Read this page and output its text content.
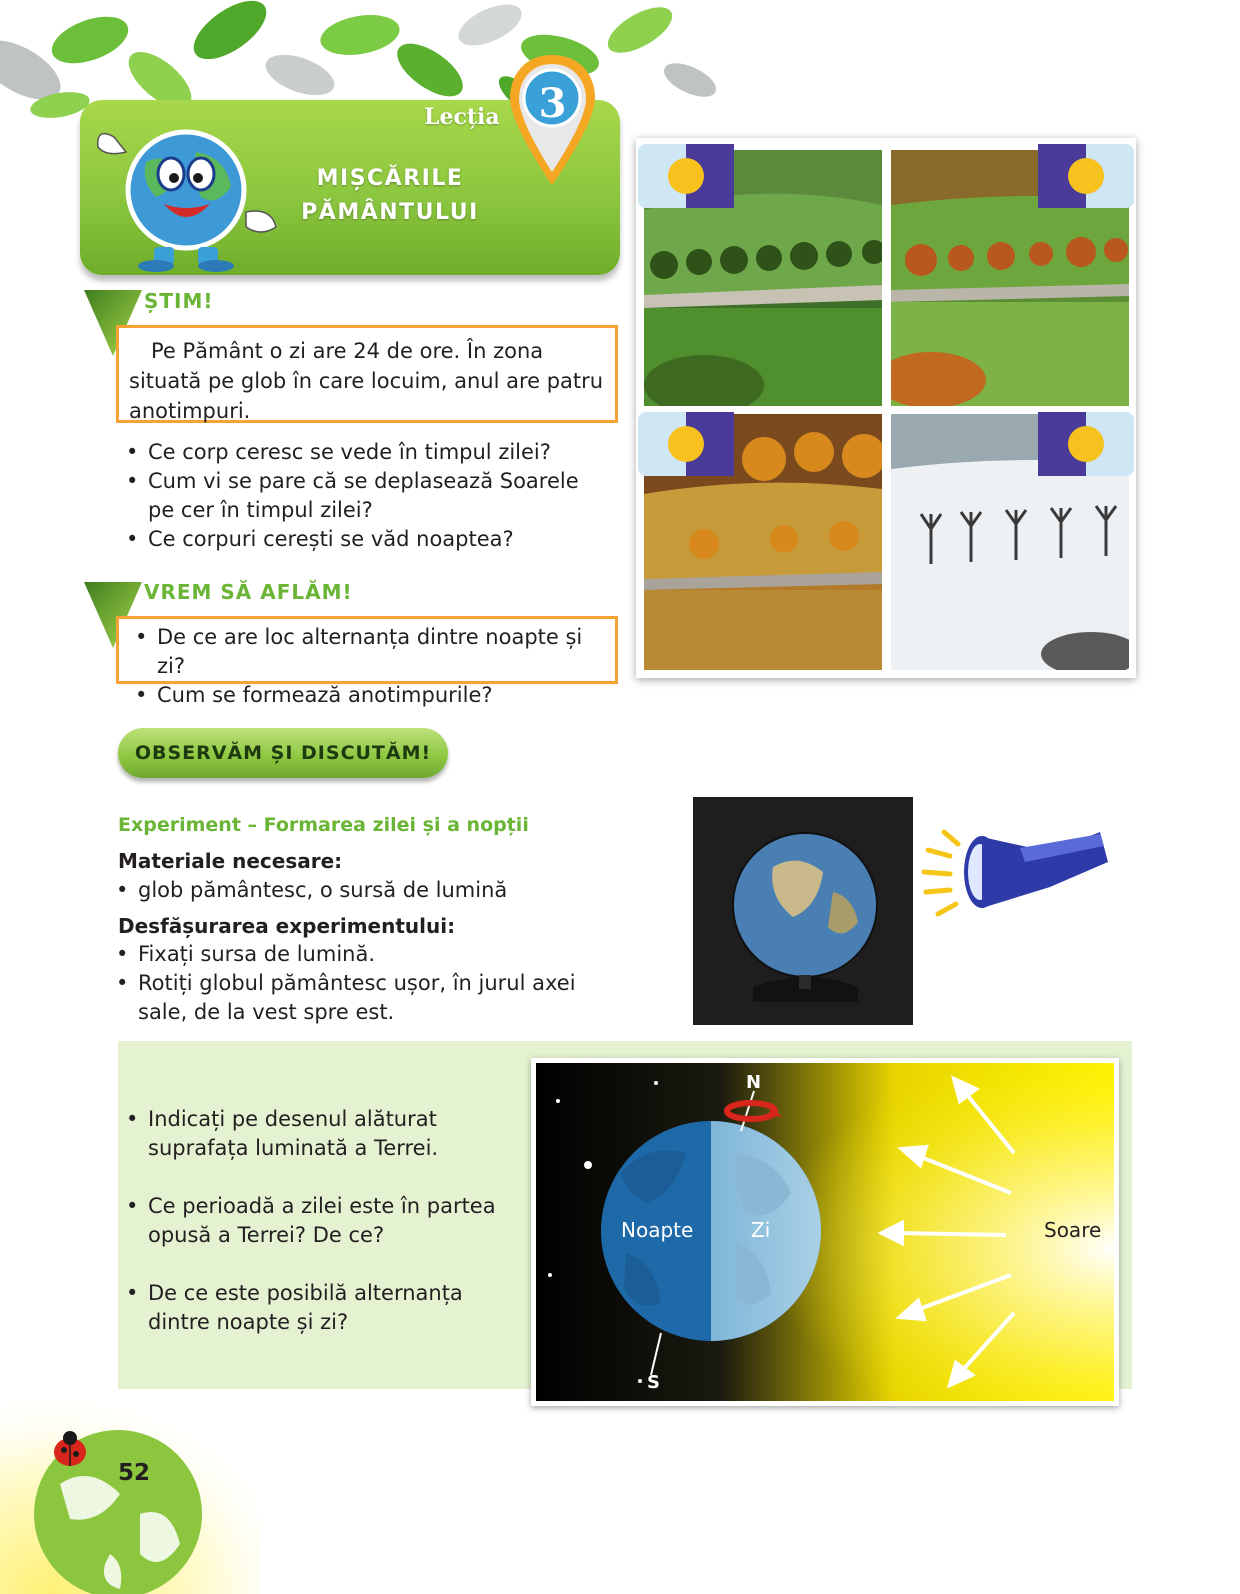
Lecția 3
MIȘCĂRILE
PĂMÂNTULUI
ȘTIM!
Pe Pământ o zi are 24 de ore. În zona situată pe glob în care locuim, anul are patru anotimpuri.
• Ce corp ceresc se vede în timpul zilei?
• Cum vi se pare că se deplasează Soarele pe cer în timpul zilei?
• Ce corpuri cerești se văd noaptea?
VREM SĂ AFLĂM!
• De ce are loc alternanța dintre noapte și zi?
• Cum se formează anotimpurile?
OBSERVĂM ȘI DISCUTĂM!
Experiment – Formarea zilei și a nopții
Materiale necesare:
• glob pământesc, o sursă de lumină
Desfășurarea experimentului:
• Fixați sursa de lumină.
• Rotiți globul pământesc ușor, în jurul axei sale, de la vest spre est.
• Indicați pe desenul alăturat suprafața luminată a Terrei.
• Ce perioadă a zilei este în partea opusă a Terrei? De ce?
• De ce este posibilă alternanța dintre noapte și zi?
N
S
Noapte	Zi	Soare
52
